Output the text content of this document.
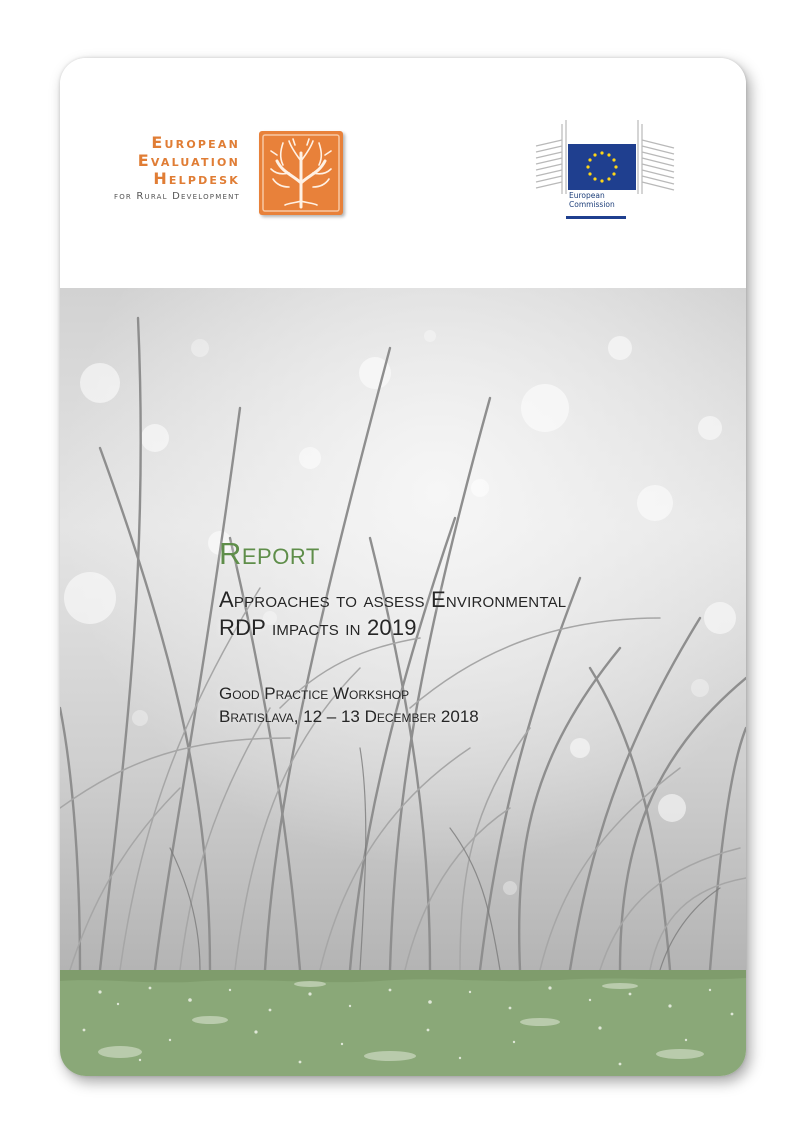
European
Evaluation
Helpdesk
for Rural Development	European
Commission
Report
Approaches to assess Environmental
RDP impacts in 2019
Good Practice Workshop
Bratislava, 12 – 13 December 2018
